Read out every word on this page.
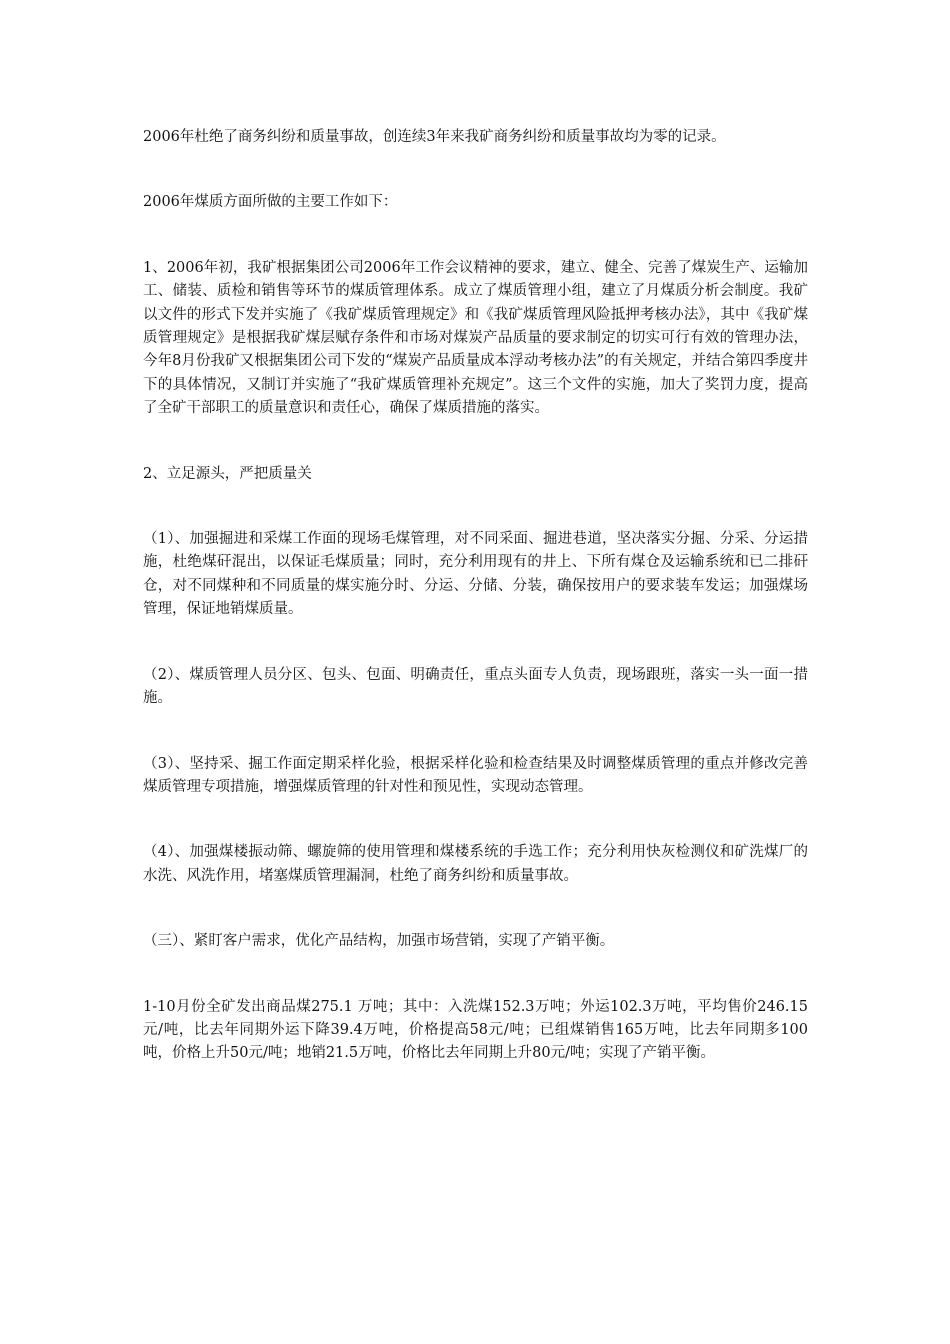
2006年杜绝了商务纠纷和质量事故，创连续3年来我矿商务纠纷和质量事故均为零的记录。

2006年煤质方面所做的主要工作如下：

1、2006年初，我矿根据集团公司2006年工作会议精神的要求，建立、健全、完善了煤炭生产、运输加工、储装、质检和销售等环节的煤质管理体系。成立了煤质管理小组，建立了月煤质分析会制度。我矿以文件的形式下发并实施了《我矿煤质管理规定》和《我矿煤质管理风险抵押考核办法》，其中《我矿煤质管理规定》是根据我矿煤层赋存条件和市场对煤炭产品质量的要求制定的切实可行有效的管理办法，今年8月份我矿又根据集团公司下发的“煤炭产品质量成本浮动考核办法”的有关规定，并结合第四季度井下的具体情况，又制订并实施了“我矿煤质管理补充规定”。这三个文件的实施，加大了奖罚力度，提高了全矿干部职工的质量意识和责任心，确保了煤质措施的落实。

2、立足源头，严把质量关

（1）、加强掘进和采煤工作面的现场毛煤管理，对不同采面、掘进巷道，坚决落实分掘、分采、分运措施，杜绝煤矸混出，以保证毛煤质量；同时，充分利用现有的井上、下所有煤仓及运输系统和已二排矸仓，对不同煤种和不同质量的煤实施分时、分运、分储、分装，确保按用户的要求装车发运；加强煤场管理，保证地销煤质量。

（2）、煤质管理人员分区、包头、包面、明确责任，重点头面专人负责，现场跟班，落实一头一面一措施。

（3）、坚持采、掘工作面定期采样化验，根据采样化验和检查结果及时调整煤质管理的重点并修改完善煤质管理专项措施，增强煤质管理的针对性和预见性，实现动态管理。

（4）、加强煤楼振动筛、螺旋筛的使用管理和煤楼系统的手选工作；充分利用快灰检测仪和矿洗煤厂的水洗、风洗作用，堵塞煤质管理漏洞，杜绝了商务纠纷和质量事故。

（三）、紧盯客户需求，优化产品结构，加强市场营销，实现了产销平衡。

1-10月份全矿发出商品煤275.1 万吨；其中：入洗煤152.3万吨；外运102.3万吨，平均售价246.15元/吨，比去年同期外运下降39.4万吨，价格提高58元/吨；已组煤销售165万吨，比去年同期多100吨，价格上升50元/吨；地销21.5万吨，价格比去年同期上升80元/吨；实现了产销平衡。
